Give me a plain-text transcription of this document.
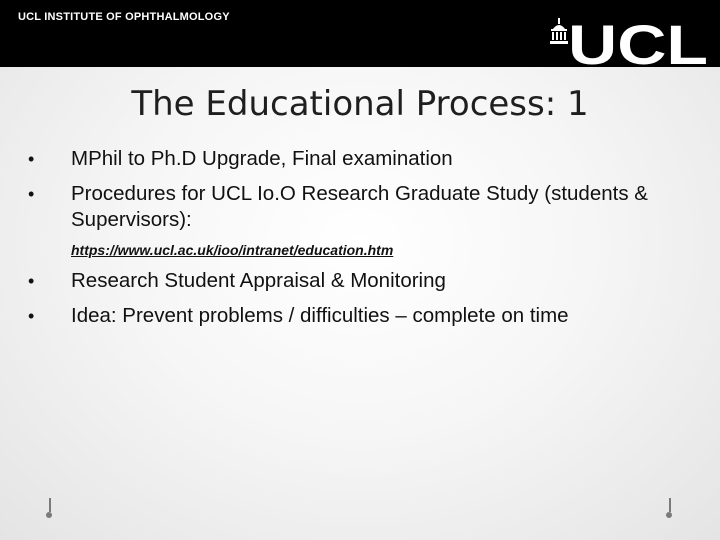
UCL INSTITUTE OF OPHTHALMOLOGY	UCL
The Educational Process: 1
•	MPhil to Ph.D Upgrade, Final examination
•	Procedures for UCL Io.O Research Graduate Study (students & Supervisors):
https://www.ucl.ac.uk/ioo/intranet/education.htm
•	Research Student Appraisal & Monitoring
•	Idea: Prevent problems / difficulties – complete on time
